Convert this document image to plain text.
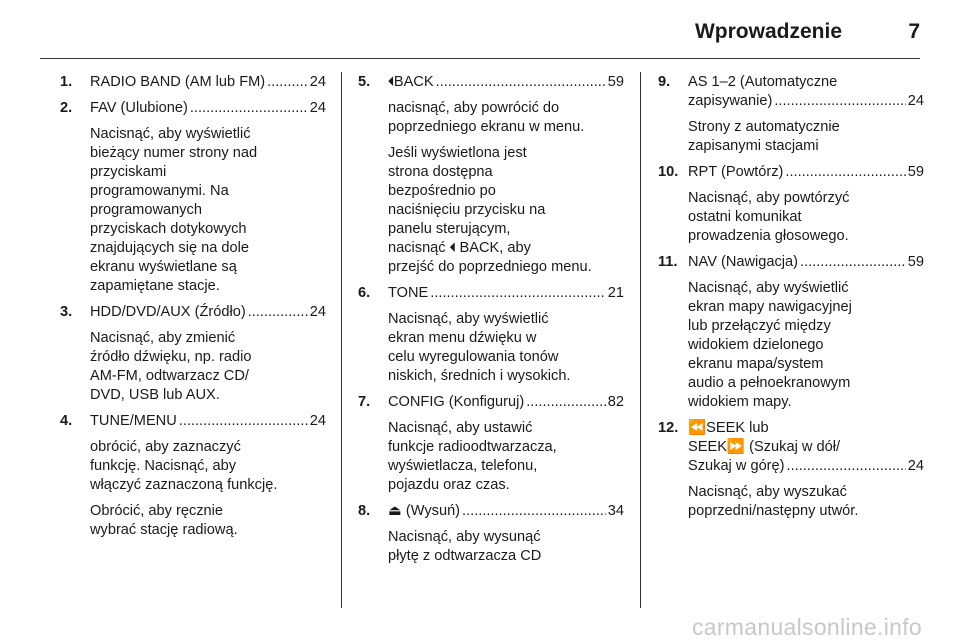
Wprowadzenie	7
1. RADIO BAND (AM lub FM) .....	24
2. FAV (Ulubione) .....	24

Nacisnąć, aby wyświetlić
bieżący numer strony nad
przyciskami
programowanymi. Na
programowanych
przyciskach dotykowych
znajdujących się na dole
ekranu wyświetlane są
zapamiętane stacje.

3. HDD/DVD/AUX (Źródło) .....	24

Nacisnąć, aby zmienić
źródło dźwięku, np. radio
AM-FM, odtwarzacz CD/
DVD, USB lub AUX.

4. TUNE/MENU .....	24

obrócić, aby zaznaczyć
funkcję. Nacisnąć, aby
włączyć zaznaczoną funkcję.

Obrócić, aby ręcznie
wybrać stację radiową.

5. 🞀BACK .....	59

nacisnąć, aby powrócić do
poprzedniego ekranu w menu.

Jeśli wyświetlona jest
strona dostępna
bezpośrednio po
naciśnięciu przycisku na
panelu sterującym,
nacisnąć 🞀 BACK, aby
przejść do poprzedniego menu.

6. TONE .....	21

Nacisnąć, aby wyświetlić
ekran menu dźwięku w
celu wyregulowania tonów
niskich, średnich i wysokich.

7. CONFIG (Konfiguruj) .....	82

Nacisnąć, aby ustawić
funkcje radioodtwarzacza,
wyświetlacza, telefonu,
pojazdu oraz czas.

8. ⏏ (Wysuń) .....	34

Nacisnąć, aby wysunąć
płytę z odtwarzacza CD

9. AS 1–2 (Automatyczne

zapisywanie) .....	24

Strony z automatycznie
zapisanymi stacjami

10. RPT (Powtórz) .....	59

Nacisnąć, aby powtórzyć
ostatni komunikat
prowadzenia głosowego.

11. NAV (Nawigacja) .....	59

Nacisnąć, aby wyświetlić
ekran mapy nawigacyjnej
lub przełączyć między
widokiem dzielonego
ekranu mapa/system
audio a pełnoekranowym
widokiem mapy.

12. ⏪SEEK lub
SEEK⏩ (Szukaj w dół/

Szukaj w górę) .....	24

Nacisnąć, aby wyszukać
poprzedni/następny utwór.

carmanualsonline.info
